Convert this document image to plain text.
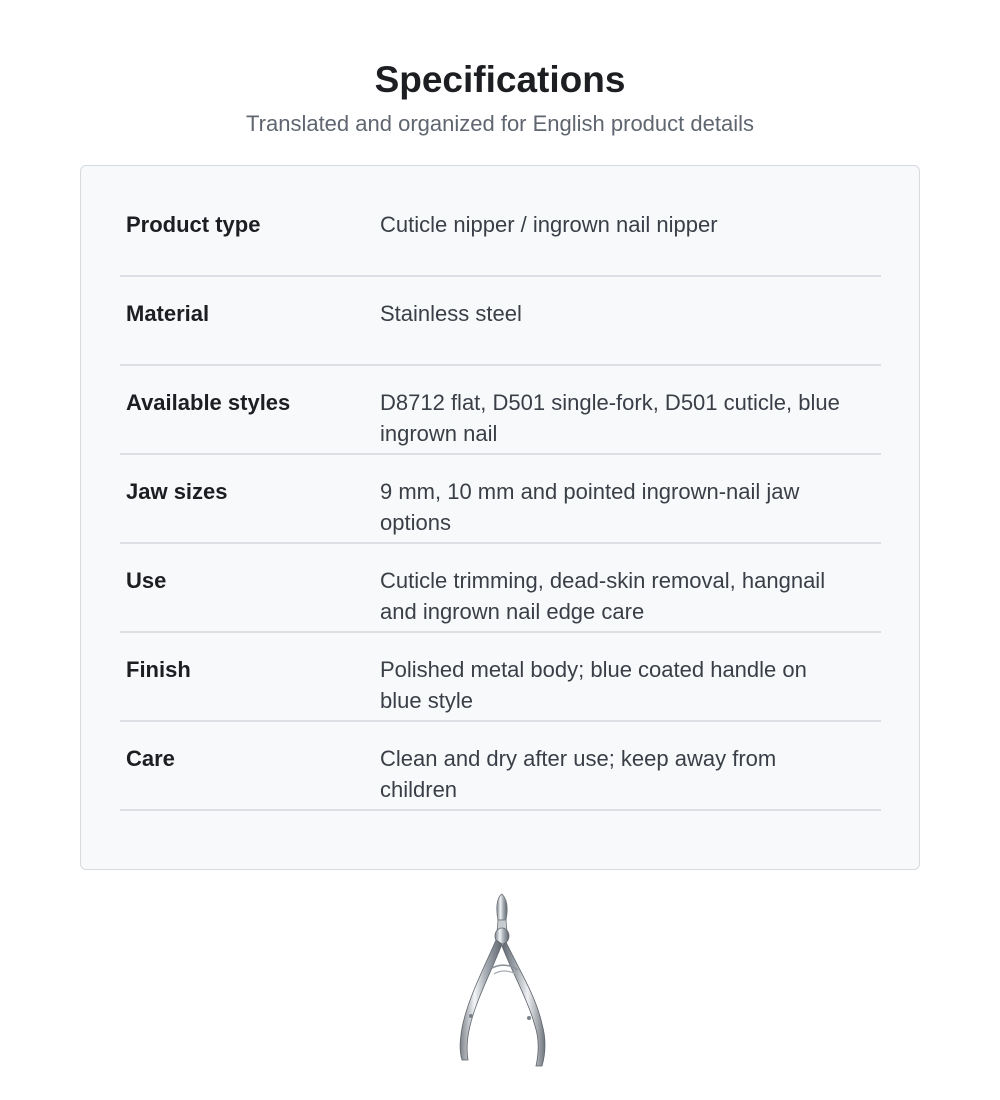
Specifications

Translated and organized for English product details

Product type	Cuticle nipper / ingrown nail nipper
Material	Stainless steel
Available styles	D8712 flat, D501 single-fork, D501 cuticle, blue ingrown nail
Jaw sizes	9 mm, 10 mm and pointed ingrown-nail jaw options
Use	Cuticle trimming, dead-skin removal, hangnail and ingrown nail edge care
Finish	Polished metal body; blue coated handle on blue style
Care	Clean and dry after use; keep away from children
